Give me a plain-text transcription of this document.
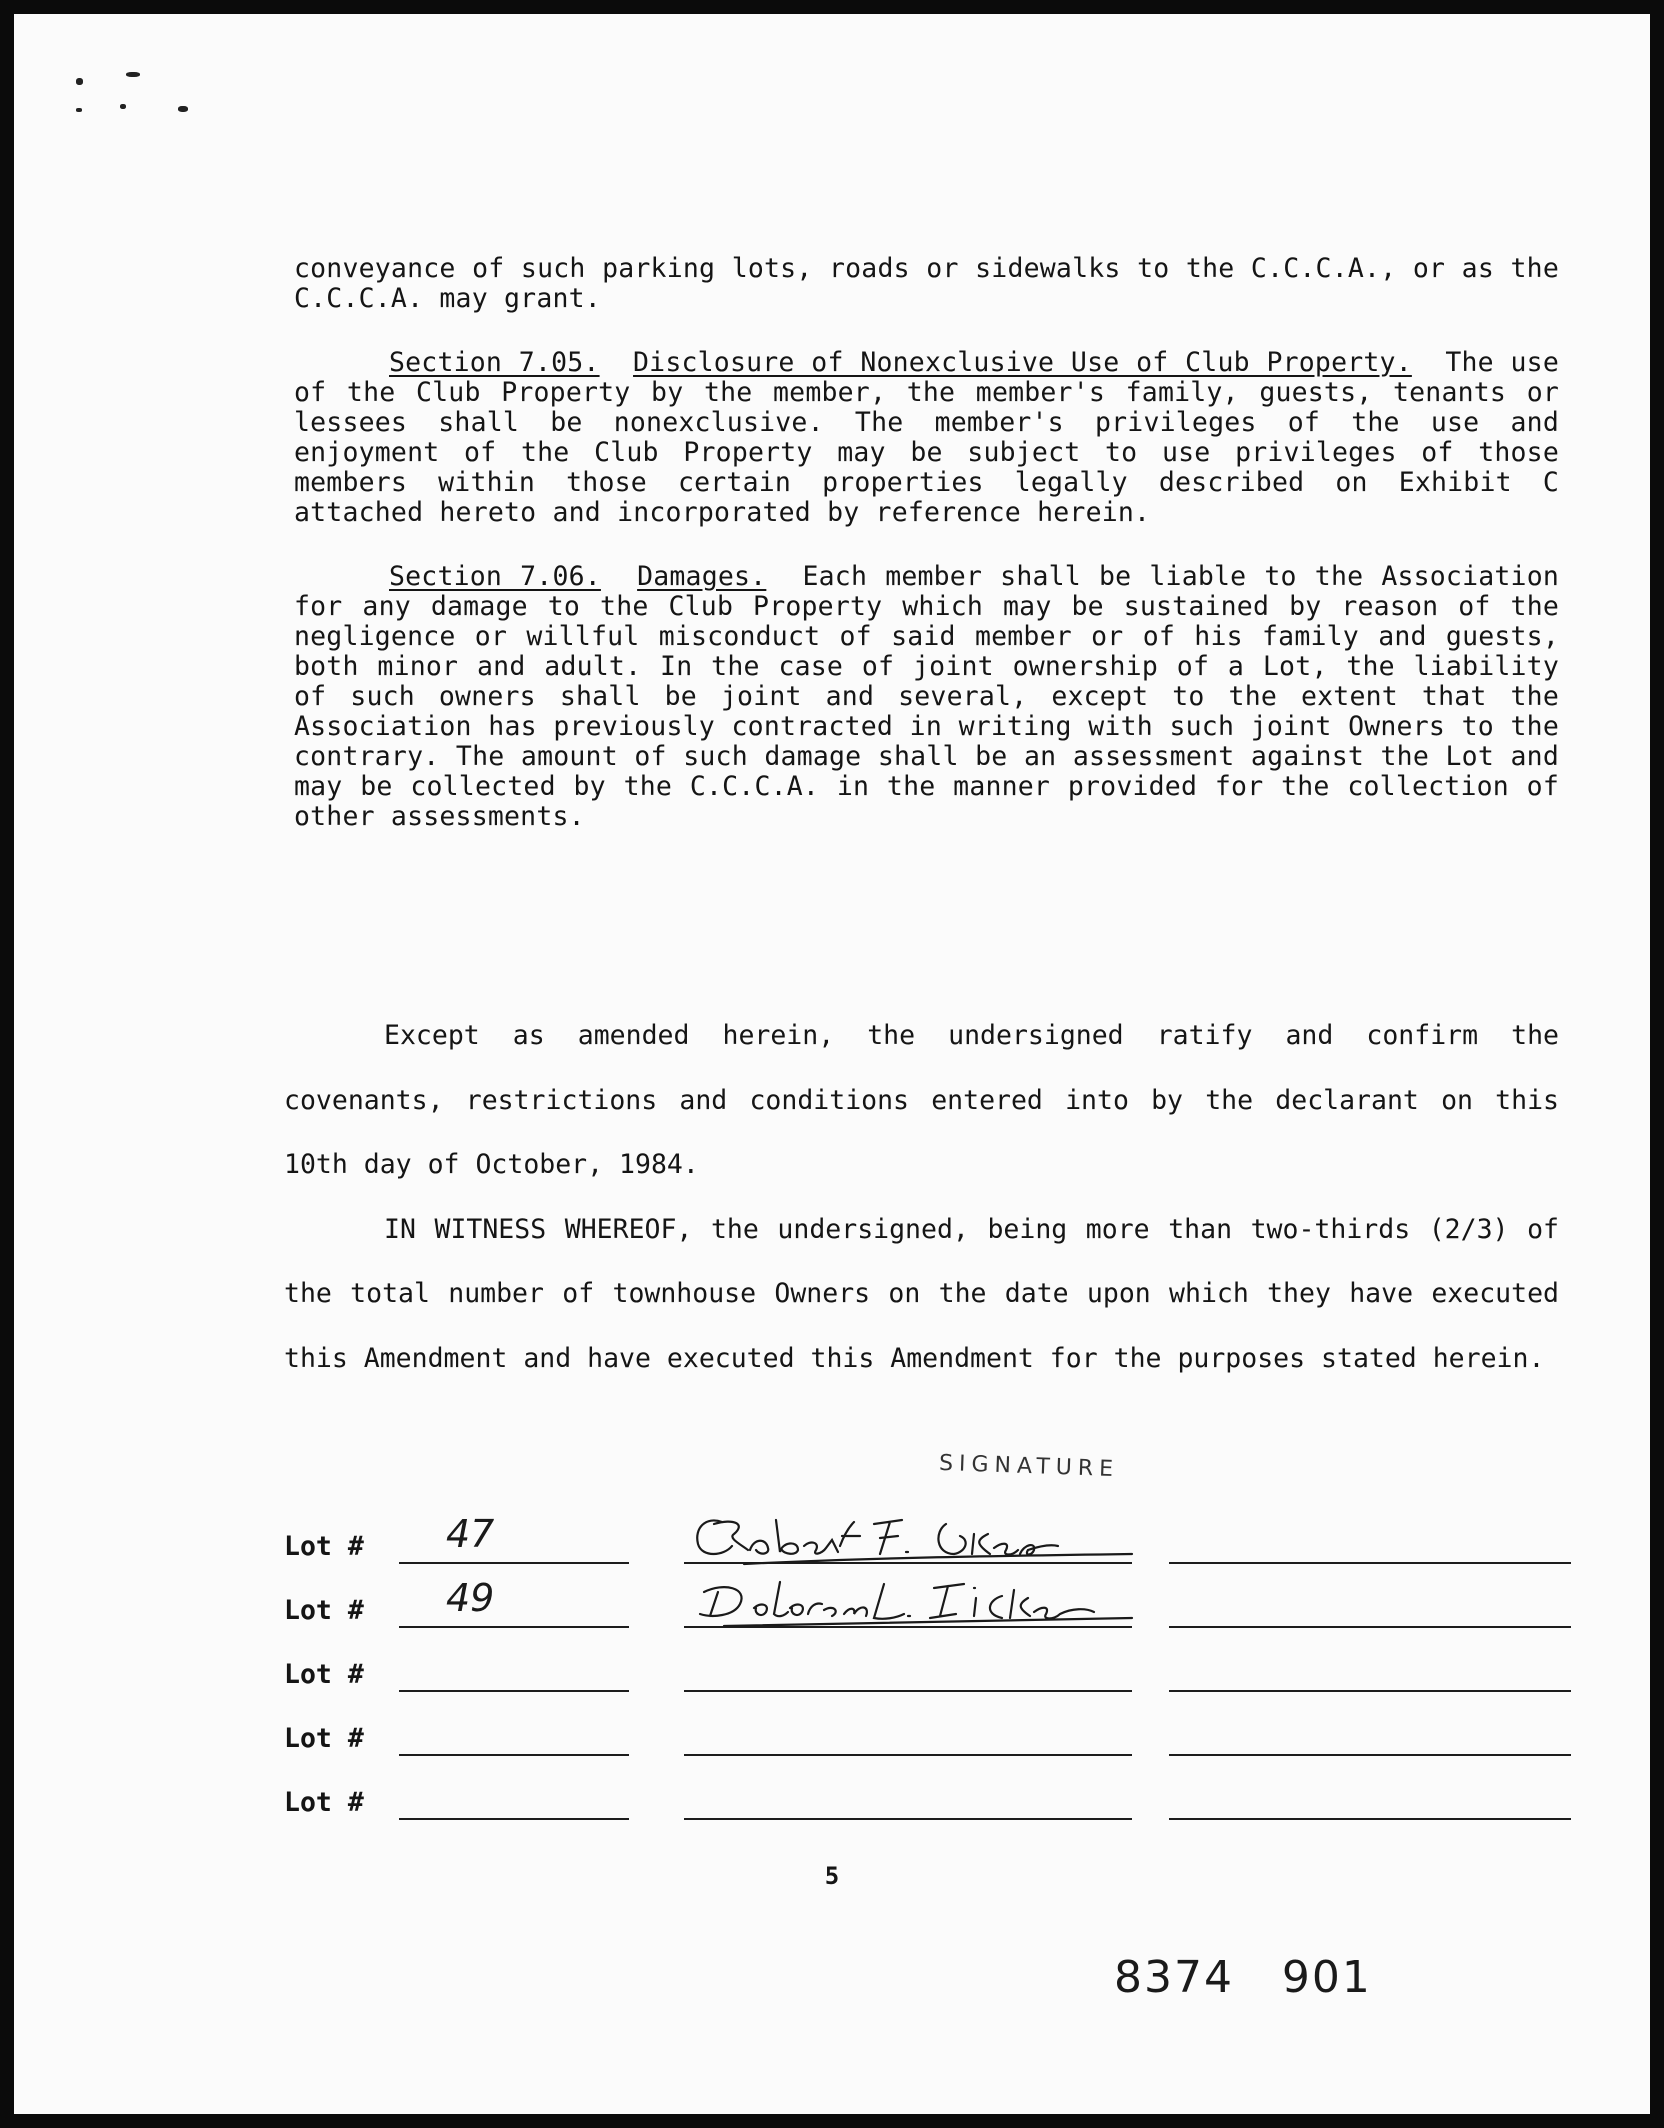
conveyance of such parking lots, roads or sidewalks to the C.C.C.A., or as the C.C.C.A. may grant.

Section 7.05. Disclosure of Nonexclusive Use of Club Property. The use of the Club Property by the member, the member's family, guests, tenants or lessees shall be nonexclusive. The member's privileges of the use and enjoyment of the Club Property may be subject to use privileges of those members within those certain properties legally described on Exhibit C attached hereto and incorporated by reference herein.

Section 7.06. Damages. Each member shall be liable to the Association for any damage to the Club Property which may be sustained by reason of the negligence or willful misconduct of said member or of his family and guests, both minor and adult. In the case of joint ownership of a Lot, the liability of such owners shall be joint and several, except to the extent that the Association has previously contracted in writing with such joint Owners to the contrary. The amount of such damage shall be an assessment against the Lot and may be collected by the C.C.C.A. in the manner provided for the collection of other assessments.

Except as amended herein, the undersigned ratify and confirm the covenants, restrictions and conditions entered into by the declarant on this 10th day of October, 1984.

IN WITNESS WHEREOF, the undersigned, being more than two-thirds (2/3) of the total number of townhouse Owners on the date upon which they have executed this Amendment and have executed this Amendment for the purposes stated herein.

SIGNATURE
Lot # 47
Lot # 49
Lot #
Lot #
Lot #
5
8374   901
